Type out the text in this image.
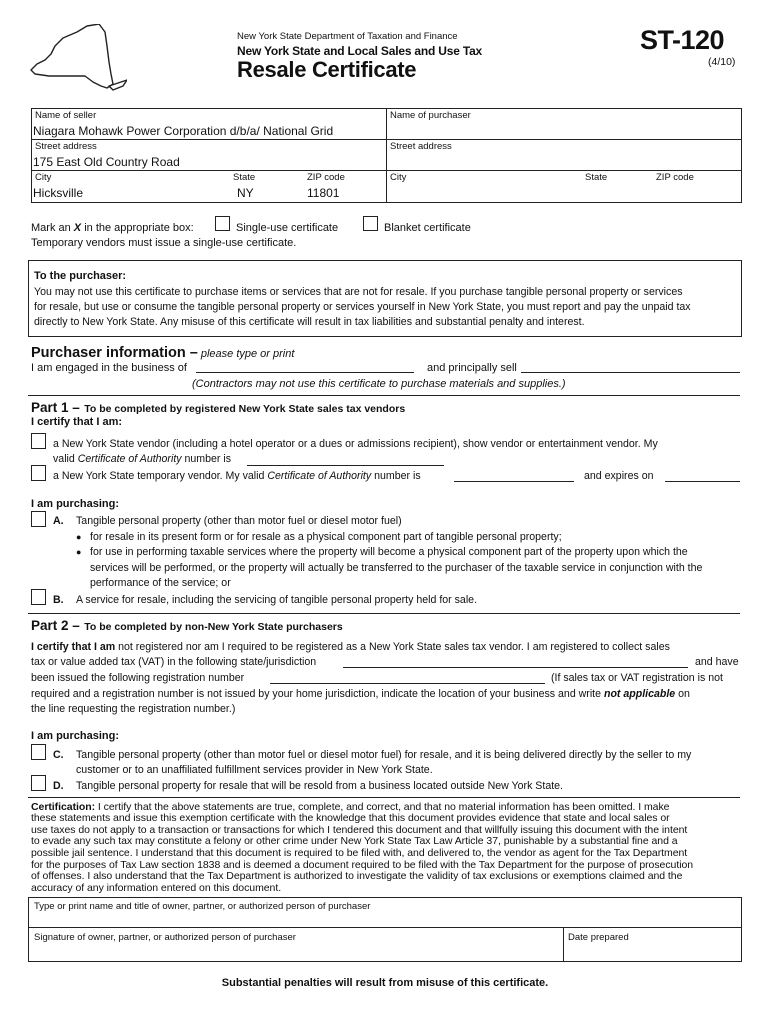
New York State Department of Taxation and Finance
New York State and Local Sales and Use Tax
Resale Certificate
ST-120
(4/10)
Name of seller
Niagara Mohawk Power Corporation d/b/a/ National Grid
Street address
175 East Old Country Road
City
Hicksville
State
NY
ZIP code
11801
Name of purchaser
Street address
City	State	ZIP code
Mark an X in the appropriate box:	Single-use certificate	Blanket certificate
Temporary vendors must issue a single-use certificate.
To the purchaser:
You may not use this certificate to purchase items or services that are not for resale. If you purchase tangible personal property or services
for resale, but use or consume the tangible personal property or services yourself in New York State, you must report and pay the unpaid tax
directly to New York State. Any misuse of this certificate will result in tax liabilities and substantial penalty and interest.
Purchaser information – please type or print
I am engaged in the business of	and principally sell
(Contractors may not use this certificate to purchase materials and supplies.)
Part 1 – To be completed by registered New York State sales tax vendors
I certify that I am:
a New York State vendor (including a hotel operator or a dues or admissions recipient), show vendor or entertainment vendor. My
valid Certificate of Authority number is
a New York State temporary vendor. My valid Certificate of Authority number is	and expires on
I am purchasing:
A. Tangible personal property (other than motor fuel or diesel motor fuel)
● for resale in its present form or for resale as a physical component part of tangible personal property;
● for use in performing taxable services where the property will become a physical component part of the property upon which the
services will be performed, or the property will actually be transferred to the purchaser of the taxable service in conjunction with the
performance of the service; or
B. A service for resale, including the servicing of tangible personal property held for sale.
Part 2 – To be completed by non-New York State purchasers
I certify that I am not registered nor am I required to be registered as a New York State sales tax vendor. I am registered to collect sales
tax or value added tax (VAT) in the following state/jurisdiction	and have
been issued the following registration number	(If sales tax or VAT registration is not
required and a registration number is not issued by your home jurisdiction, indicate the location of your business and write not applicable on
the line requesting the registration number.)
I am purchasing:
C. Tangible personal property (other than motor fuel or diesel motor fuel) for resale, and it is being delivered directly by the seller to my
customer or to an unaffiliated fulfillment services provider in New York State.
D. Tangible personal property for resale that will be resold from a business located outside New York State.
Certification: I certify that the above statements are true, complete, and correct, and that no material information has been omitted. I make
these statements and issue this exemption certificate with the knowledge that this document provides evidence that state and local sales or
use taxes do not apply to a transaction or transactions for which I tendered this document and that willfully issuing this document with the intent
to evade any such tax may constitute a felony or other crime under New York State Tax Law Article 37, punishable by a substantial fine and a
possible jail sentence. I understand that this document is required to be filed with, and delivered to, the vendor as agent for the Tax Department
for the purposes of Tax Law section 1838 and is deemed a document required to be filed with the Tax Department for the purpose of prosecution
of offenses. I also understand that the Tax Department is authorized to investigate the validity of tax exclusions or exemptions claimed and the
accuracy of any information entered on this document.
Type or print name and title of owner, partner, or authorized person of purchaser
Signature of owner, partner, or authorized person of purchaser	Date prepared
Substantial penalties will result from misuse of this certificate.
